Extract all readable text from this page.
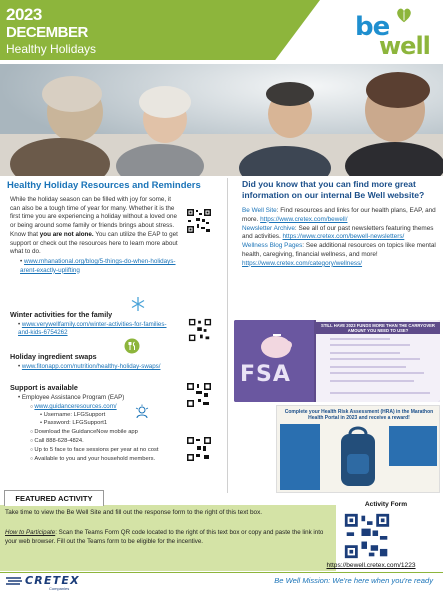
2023
DECEMBER
Healthy Holidays
be
well
Healthy Holiday Resources and Reminders
While the holiday season can be filled with joy for some, it can also be a tough time of year for many. Whether it is the first time you are experiencing a holiday without a loved one or being around some family or friends brings about stress. Know that you are not alone. You can utilize the EAP to get support or check out the resources here to learn more about what to do.
• www.mhanational.org/blog/5-things-do-when-holidays-arent-exactly-uplifting
Winter activities for the family
• www.verywellfamily.com/winter-activities-for-families-and-kids-6754262
Holiday ingredient swaps
• www.fitonapp.com/nutrition/healthy-holiday-swaps/
Support is available
• Employee Assistance Program (EAP)
○ www.guidanceresources.com/
• Username: LFGSupport
• Password: LFGSupport1
○ Download the GuidanceNow mobile app
○ Call 888-628-4824.
○ Up to 5 face to face sessions per year at no cost
○ Available to you and your household members.
Did you know that you can find more great information on our internal Be Well website?

Be Well Site: Find resources and links for our health plans, EAP, and more. https://www.cretex.com/bewell/

Newsletter Archive: See all of our past newsletters featuring themes and activities. https://www.cretex.com/bewell-newsletters/

Wellness Blog Pages: See additional resources on topics like mental health, caregiving, financial wellness, and more! https://www.cretex.com/category/wellness/

FSA
STILL HAVE 2023 FUNDS MORE THAN THE CARRYOVER AMOUNT YOU NEED TO USE?
Complete your Health Risk Assessment (HRA) in the Marathon Health Portal in 2023 and receive a reward!
FEATURED ACTIVITY
Take time to view the Be Well Site and fill out the response form to the right of this text box.
How to Participate: Scan the Teams Form QR code located to the right of this text box or copy and paste the link into your web browser. Fill out the Teams form to be eligible for the incentive.
Activity Form
https://bewell.cretex.com/1223
CRETEX
Companies
Be Well Mission: We're here when you're ready
